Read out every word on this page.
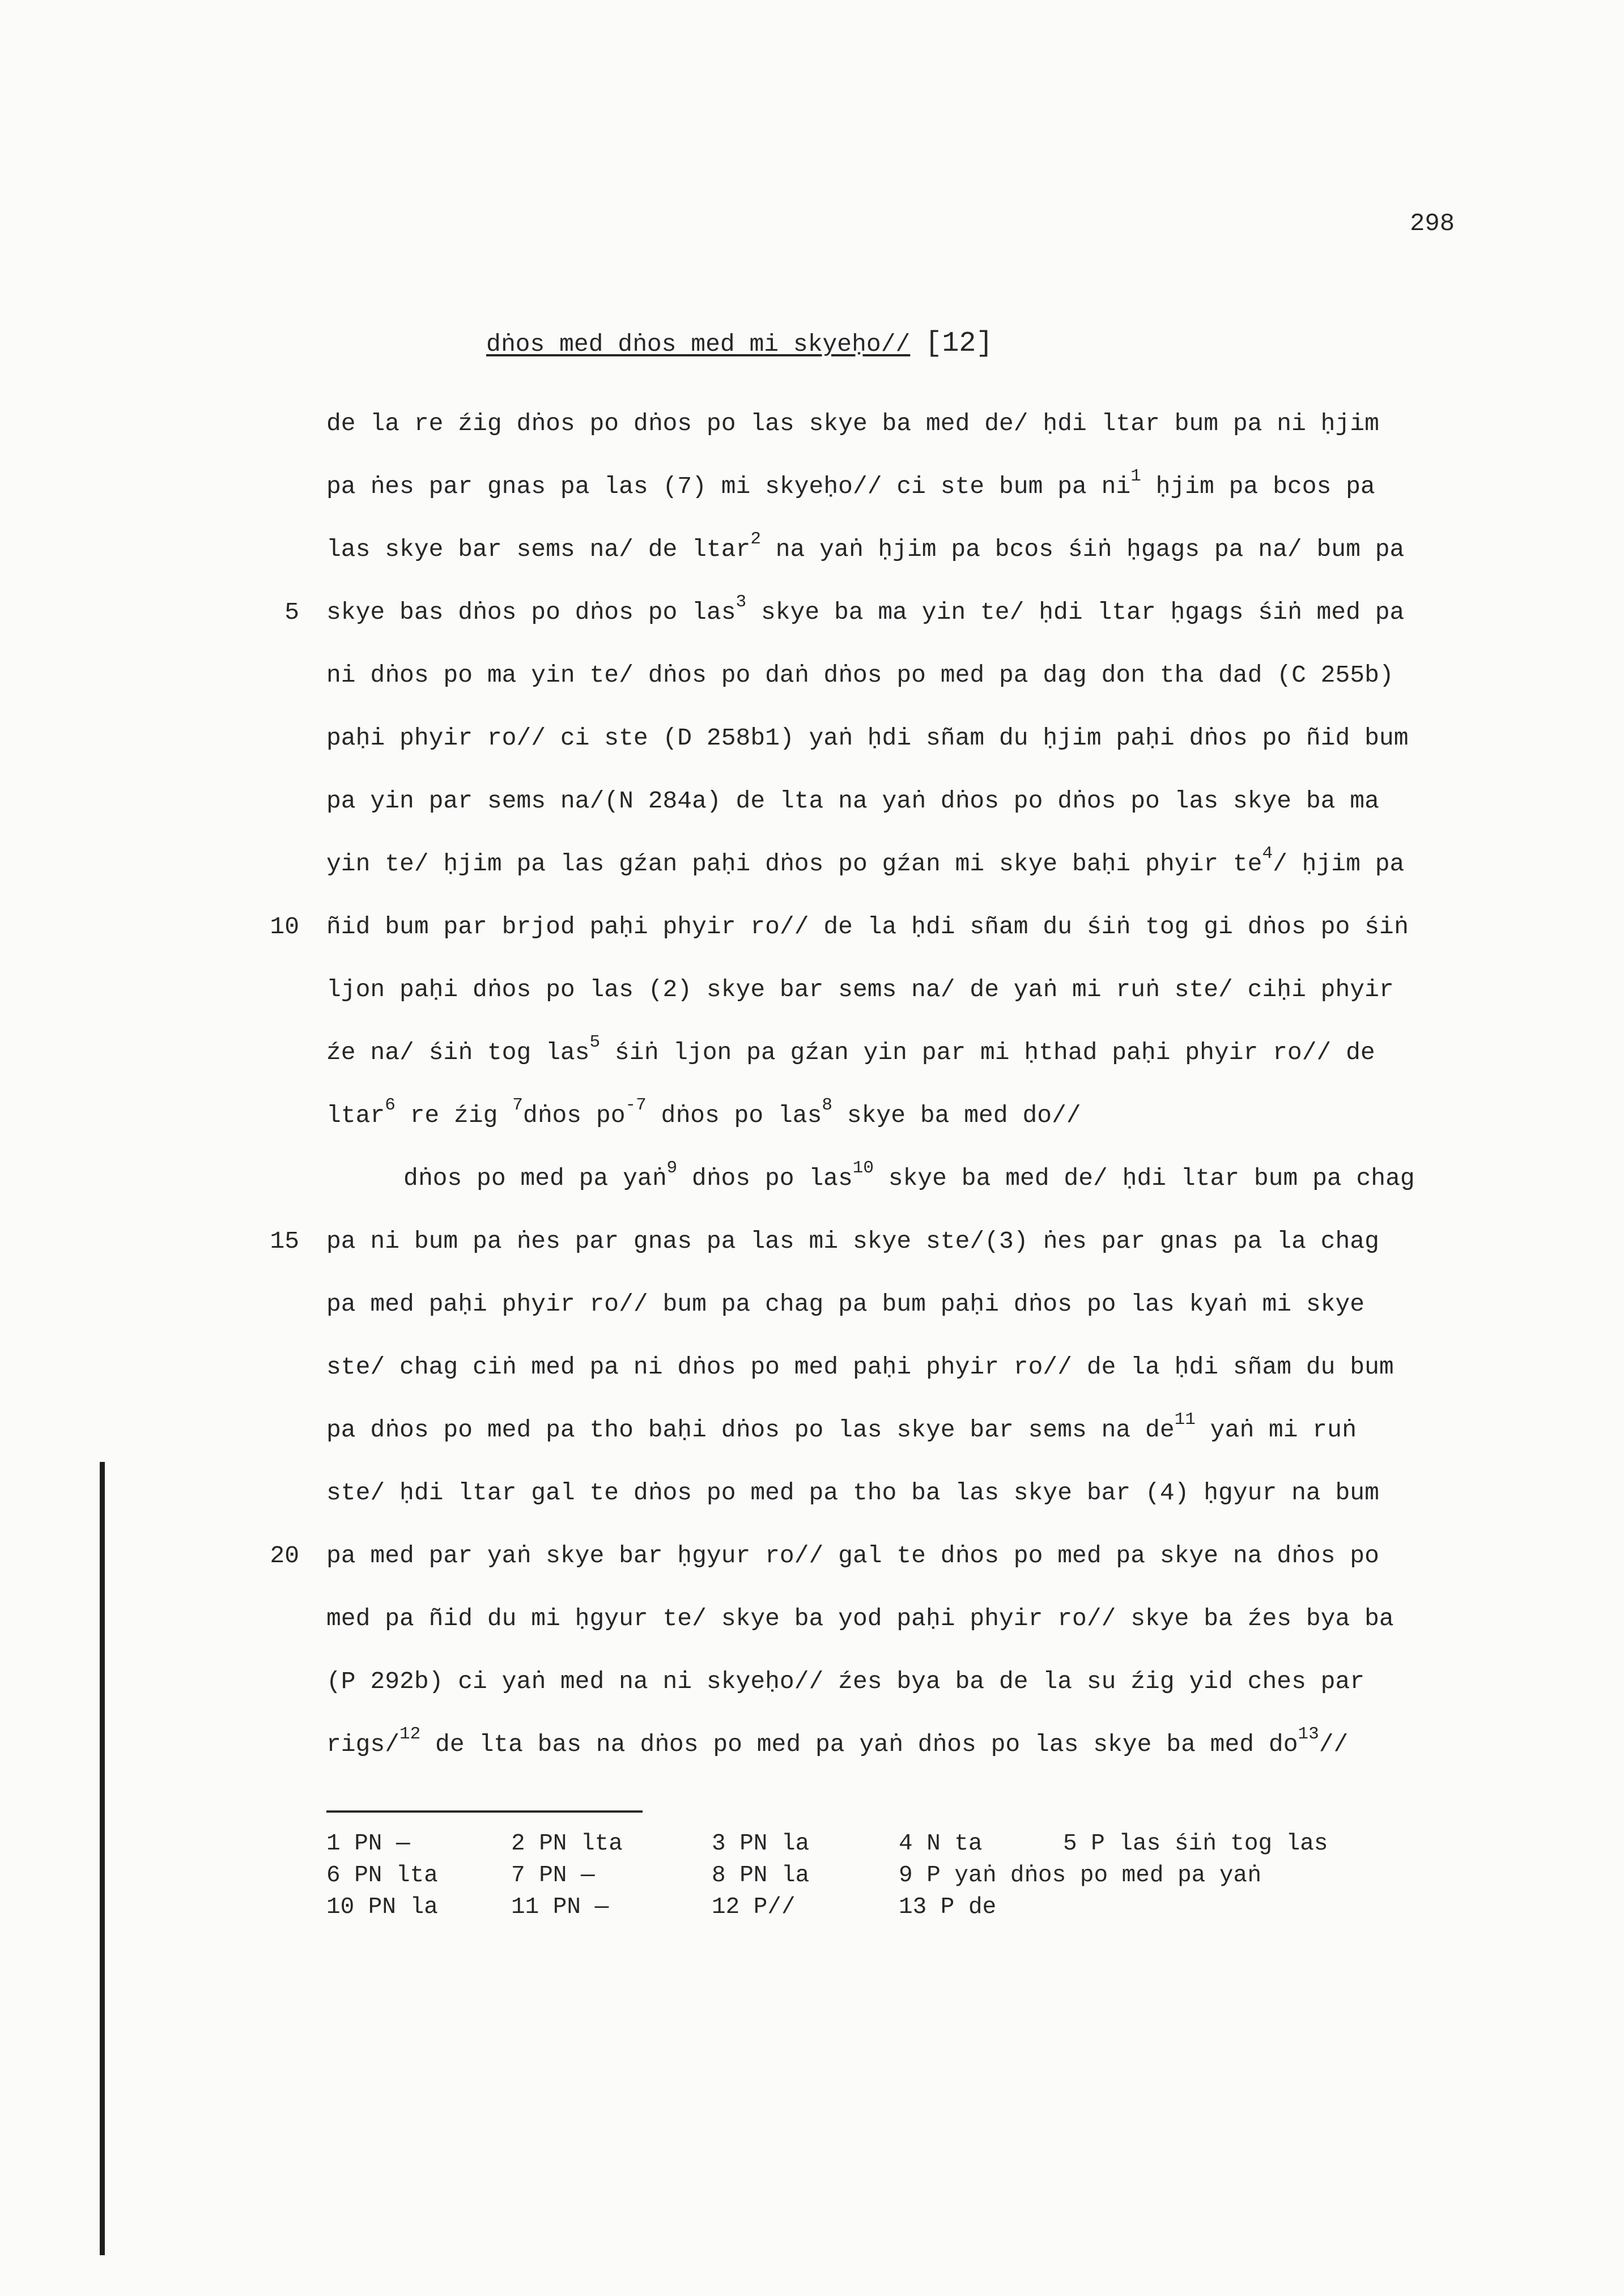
298
dṅos med dṅos med mi skyeḥo// [12]
de la re źig dṅos po dṅos po las skye ba med de/ ḥdi ltar bum pa ni ḥjim
pa ṅes par gnas pa las (7) mi skyeḥo// ci ste bum pa $ni^1$ ḥjim pa bcos pa
las skye bar sems na/ de ltar$^2$ na yaṅ ḥjim pa bcos śiṅ ḥgags pa na/ bum pa
5 skye bas dṅos po dṅos po las$^3$ skye ba ma yin te/ ḥdi ltar ḥgags śiṅ med pa
ni dṅos po ma yin te/ dṅos po daṅ dṅos po med pa dag don tha dad (C 255b)
paḥi phyir ro// ci ste (D 258b1) yaṅ ḥdi sñam du ḥjim paḥi dṅos po ñid bum
pa yin par sems na/(N 284a) de lta na yaṅ dṅos po dṅos po las skye ba ma
yin te/ ḥjim pa las gźan paḥi dṅos po gźan mi skye baḥi phyir $te^4/$ ḥjim pa
10 ñid bum par brjod paḥi phyir ro// de la ḥdi sñam du śiṅ tog gi dṅos po śiṅ
ljon paḥi dṅos po las (2) skye bar sems na/ de yaṅ mi ruṅ ste/ ciḥi phyir
źe na/ śiṅ tog las$^5$ śiṅ ljon pa gźan yin par mi ḥthad paḥi phyir ro// de
ltar$^6$ re źig $^7$dṅos $po^{-7}$ dṅos po las$^8$ skye ba med do//
dṅos po med pa yaṅ$^9$ dṅos po las$^{10}$ skye ba med de/ ḥdi ltar bum pa chag
15 pa ni bum pa ṅes par gnas pa las mi skye ste/(3) ṅes par gnas pa la chag
pa med paḥi phyir ro// bum pa chag pa bum paḥi dṅos po las kyaṅ mi skye
ste/ chag ciṅ med pa ni dṅos po med paḥi phyir ro// de la ḥdi sñam du bum
pa dṅos po med pa tho baḥi dṅos po las skye bar sems na $de^{11}$ yaṅ mi ruṅ
ste/ ḥdi ltar gal te dṅos po med pa tho ba las skye bar (4) ḥgyur na bum
20 pa med par yaṅ skye bar ḥgyur ro// gal te dṅos po med pa skye na dṅos po
med pa ñid du mi ḥgyur te/ skye ba yod paḥi phyir ro// skye ba źes bya ba
(P 292b) ci yaṅ med na ni skyeḥo// źes bya ba de la su źig yid ches par
rigs/$^{12}$ de lta bas na dṅos po med pa yaṅ dṅos po las skye ba med $do^{13}//$
1 PN —	2 PN lta	3 PN la	4 N ta	5 P las śiṅ tog las
6 PN lta	7 PN —	8 PN la	9 P yaṅ dṅos po med pa yaṅ
10 PN la	11 PN —	12 P//	13 P de
